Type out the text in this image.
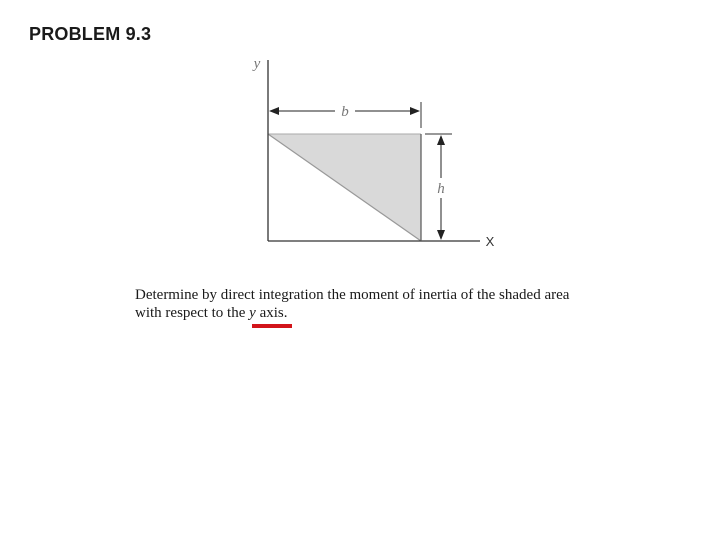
PROBLEM 9.3
b
h
y
X

Determine by direct integration the moment of inertia of the shaded area
with respect to the y axis.
